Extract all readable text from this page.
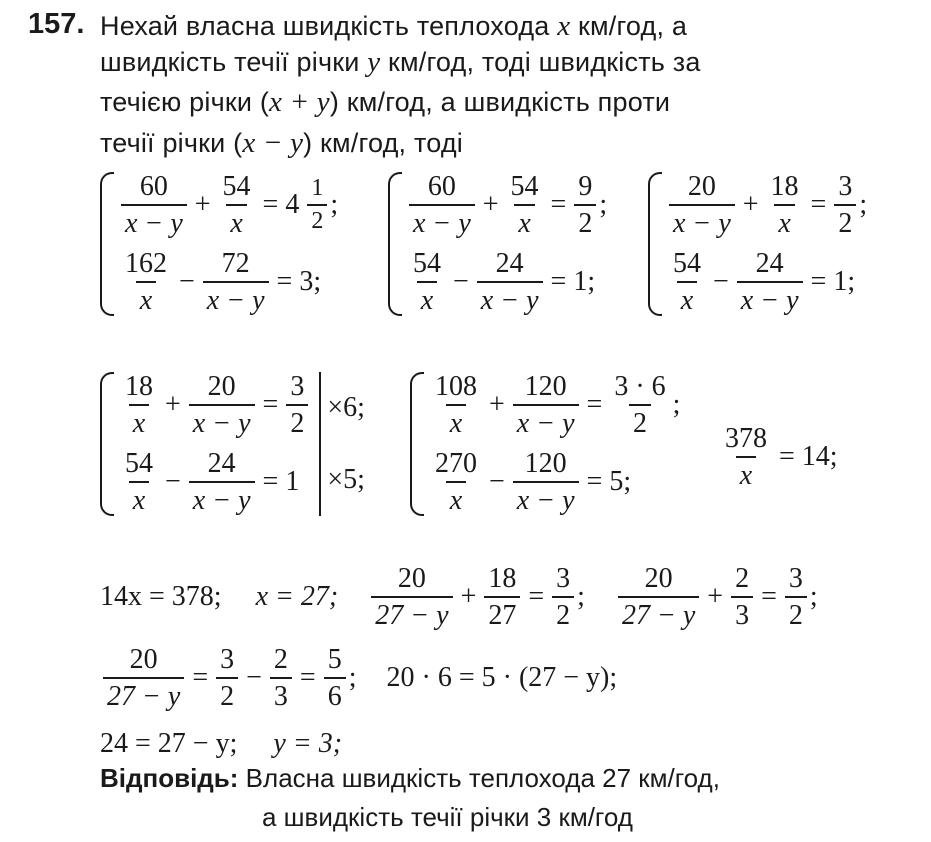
157. Нехай власна швидкість теплохода x км/год, а
швидкість течії річки y км/год, тоді швидкість за
течією річки (x + y) км/год, а швидкість проти
течії річки (x − y) км/год, тоді
$\frac{60}{x - y} + \frac{54}{x} = 4 \frac{1}{2}$ ;
$\frac{162}{x} - \frac{72}{x - y} = 3$;
$\frac{60}{x - y} + \frac{54}{x} = \frac{9}{2}$ ;
$\frac{54}{x} - \frac{24}{x - y} = 1$;
$\frac{20}{x - y} + \frac{18}{x} = \frac{3}{2}$ ;
$\frac{54}{x} - \frac{24}{x - y} = 1$;
$\frac{18}{x} + \frac{20}{x - y} = \frac{3}{2}$
$\frac{54}{x} - \frac{24}{x - y} = 1$
×6;
×5;
$\frac{108}{x} + \frac{120}{x - y} = \frac{3 \cdot 6}{2}$ ;
$\frac{270}{x} - \frac{120}{x - y} = 5$;	$\frac{378}{x} = 14$;
14x = 378; x = 27; $\frac{20}{27 - y} + \frac{18}{27} = \frac{3}{2}$ ; $\frac{20}{27 - y} + \frac{2}{3} = \frac{3}{2}$ ;
$\frac{20}{27 - y} = \frac{3}{2} - \frac{2}{3} = \frac{5}{6}$ ; 20 · 6 = 5 · (27 − y);
24 = 27 − y; y = 3;
Відповідь: Власна швидкість теплохода 27 км/год,
а швидкість течії річки 3 км/год
